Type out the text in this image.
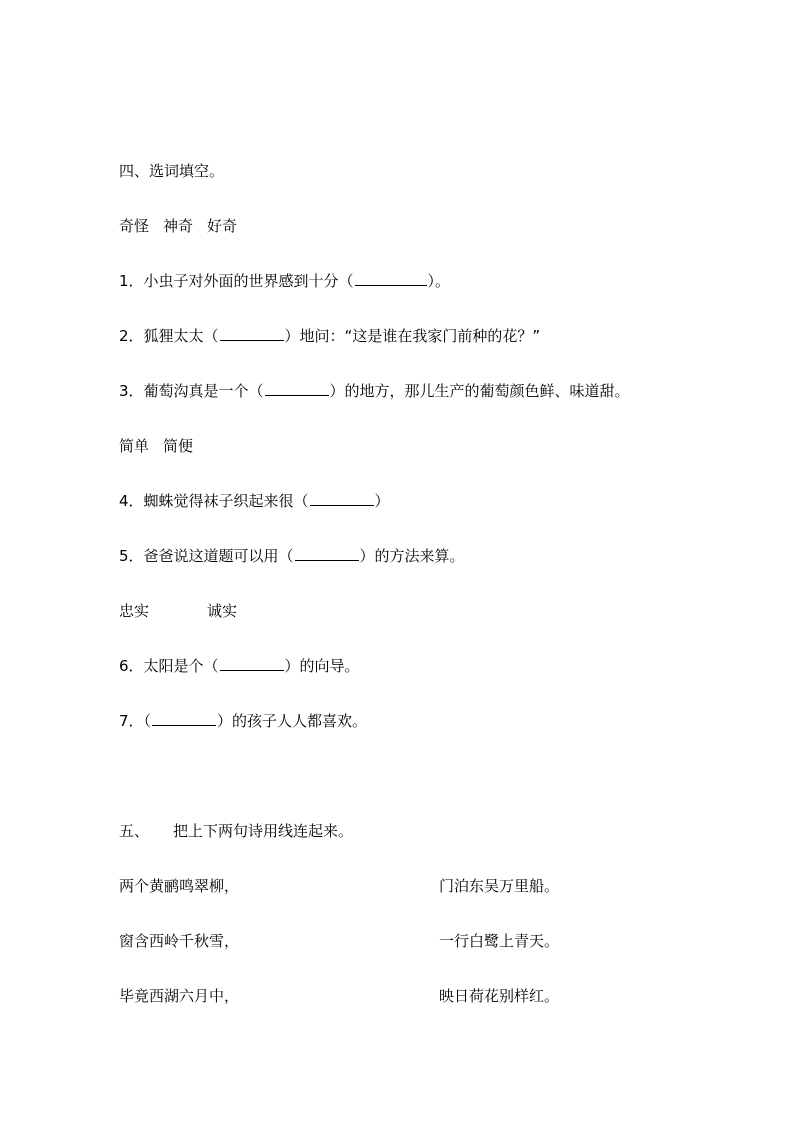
四、选词填空。
奇怪 神奇 好奇
1．小虫子对外面的世界感到十分（	）。
2．狐狸太太（	）地问：“这是谁在我家门前种的花？”
3．葡萄沟真是一个（	）的地方，那儿生产的葡萄颜色鲜、味道甜。
简单 简便
4．蜘蛛觉得袜子织起来很（	）
5．爸爸说这道题可以用（	）的方法来算。
忠实	诚实
6．太阳是个（	）的向导。
7．（	）的孩子人人都喜欢。
五、 把上下两句诗用线连起来。
两个黄鹂鸣翠柳，	门泊东吴万里船。
窗含西岭千秋雪，	一行白鹭上青天。
毕竟西湖六月中，	映日荷花别样红。
